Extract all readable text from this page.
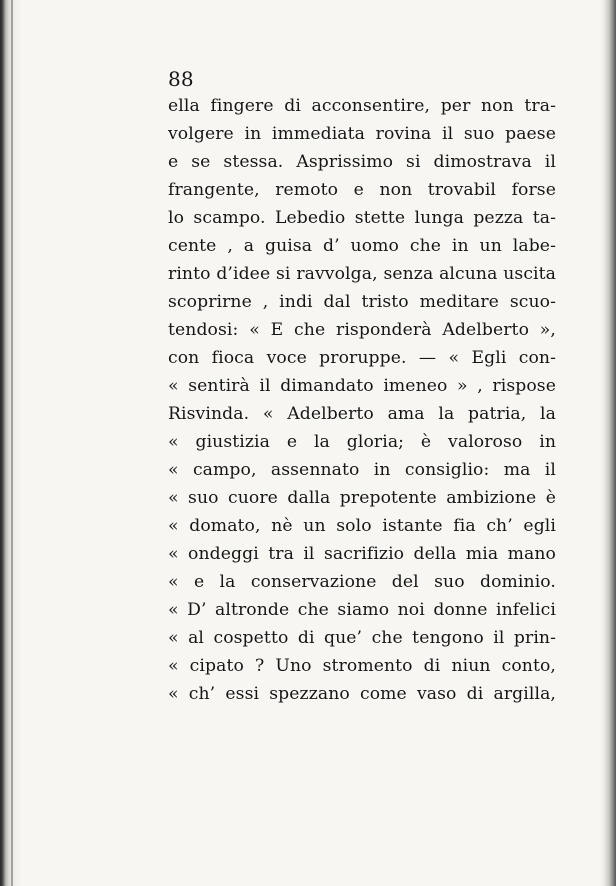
88
ella fingere di acconsentire, per non tra-
volgere in immediata rovina il suo paese
e se stessa. Asprissimo si dimostrava il
frangente, remoto e non trovabil forse
lo scampo. Lebedio stette lunga pezza ta-
cente , a guisa d’ uomo che in un labe-
rinto d’idee si ravvolga, senza alcuna uscita
scoprirne , indi dal tristo meditare scuo-
tendosi: « E che risponderà Adelberto »,
con fioca voce proruppe. — « Egli con-
« sentirà il dimandato imeneo » , rispose
Risvinda. « Adelberto ama la patria, la
« giustizia e la gloria; è valoroso in
« campo, assennato in consiglio: ma il
« suo cuore dalla prepotente ambizione è
« domato, nè un solo istante fia ch’ egli
« ondeggi tra il sacrifizio della mia mano
« e la conservazione del suo dominio.
« D’ altronde che siamo noi donne infelici
« al cospetto di que’ che tengono il prin-
« cipato ? Uno stromento di niun conto,
« ch’ essi spezzano come vaso di argilla,
